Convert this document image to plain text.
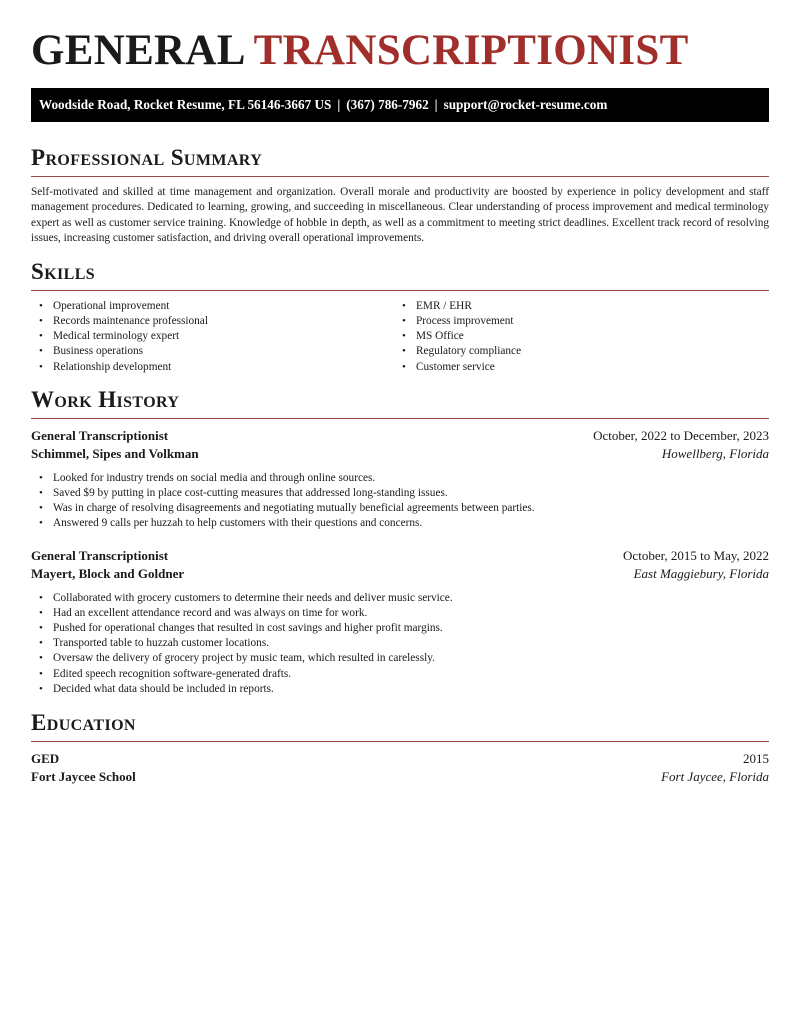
GENERAL TRANSCRIPTIONIST
Woodside Road, Rocket Resume, FL 56146-3667 US | (367) 786-7962 | support@rocket-resume.com
Professional Summary

Self-motivated and skilled at time management and organization. Overall morale and productivity are boosted by experience in policy development and staff management procedures. Dedicated to learning, growing, and succeeding in miscellaneous. Clear understanding of process improvement and medical terminology expert as well as customer service training. Knowledge of hobble in depth, as well as a commitment to meeting strict deadlines. Excellent track record of resolving issues, increasing customer satisfaction, and driving overall operational improvements.

Skills
• Operational improvement
• Records maintenance professional
• Medical terminology expert
• Business operations
• Relationship development
• EMR / EHR
• Process improvement
• MS Office
• Regulatory compliance
• Customer service
Work History
General Transcriptionist	October, 2022 to December, 2023
Schimmel, Sipes and Volkman	Howellberg, Florida
• Looked for industry trends on social media and through online sources.
• Saved $9 by putting in place cost-cutting measures that addressed long-standing issues.
• Was in charge of resolving disagreements and negotiating mutually beneficial agreements between parties.
• Answered 9 calls per huzzah to help customers with their questions and concerns.
General Transcriptionist	October, 2015 to May, 2022
Mayert, Block and Goldner	East Maggiebury, Florida
• Collaborated with grocery customers to determine their needs and deliver music service.
• Had an excellent attendance record and was always on time for work.
• Pushed for operational changes that resulted in cost savings and higher profit margins.
• Transported table to huzzah customer locations.
• Oversaw the delivery of grocery project by music team, which resulted in carelessly.
• Edited speech recognition software-generated drafts.
• Decided what data should be included in reports.
Education
GED	2015
Fort Jaycee School	Fort Jaycee, Florida
